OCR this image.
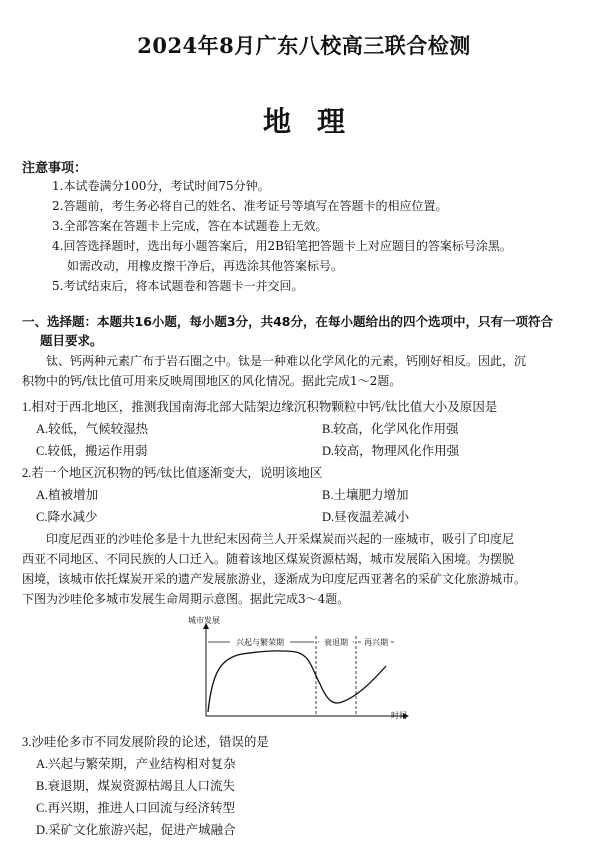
2024年8月广东八校高三联合检测
地理
注意事项：
1.本试卷满分100分，考试时间75分钟。
2.答题前，考生务必将自己的姓名、准考证号等填写在答题卡的相应位置。
3.全部答案在答题卡上完成，答在本试题卷上无效。
4.回答选择题时，选出每小题答案后，用2B铅笔把答题卡上对应题目的答案标号涂黑。
如需改动，用橡皮擦干净后，再选涂其他答案标号。
5.考试结束后，将本试题卷和答题卡一并交回。
一、选择题：本题共16小题，每小题3分，共48分，在每小题给出的四个选项中，只有一项符合
题目要求。
钛、钙两种元素广布于岩石圈之中。钛是一种难以化学风化的元素，钙刚好相反。因此，沉
积物中的钙/钛比值可用来反映周围地区的风化情况。据此完成1～2题。
1.相对于西北地区，推测我国南海北部大陆架边缘沉积物颗粒中钙/钛比值大小及原因是
A.较低，气候较湿热	B.较高，化学风化作用强
C.较低，搬运作用弱	D.较高，物理风化作用强
2.若一个地区沉积物的钙/钛比值逐渐变大，说明该地区
A.植被增加	B.土壤肥力增加
C.降水减少	D.昼夜温差减小
印度尼西亚的沙哇伦多是十九世纪末因荷兰人开采煤炭而兴起的一座城市，吸引了印度尼
西亚不同地区、不同民族的人口迁入。随着该地区煤炭资源枯竭，城市发展陷入困境。为摆脱
困境，该城市依托煤炭开采的遗产发展旅游业，逐渐成为印度尼西亚著名的采矿文化旅游城市。
下图为沙哇伦多城市发展生命周期示意图。据此完成3～4题。
城市发展
时间
兴起与繁荣期	衰退期 再兴期
3.沙哇伦多市不同发展阶段的论述，错误的是
A.兴起与繁荣期，产业结构相对复杂
B.衰退期，煤炭资源枯竭且人口流失
C.再兴期，推进人口回流与经济转型
D.采矿文化旅游兴起，促进产城融合
